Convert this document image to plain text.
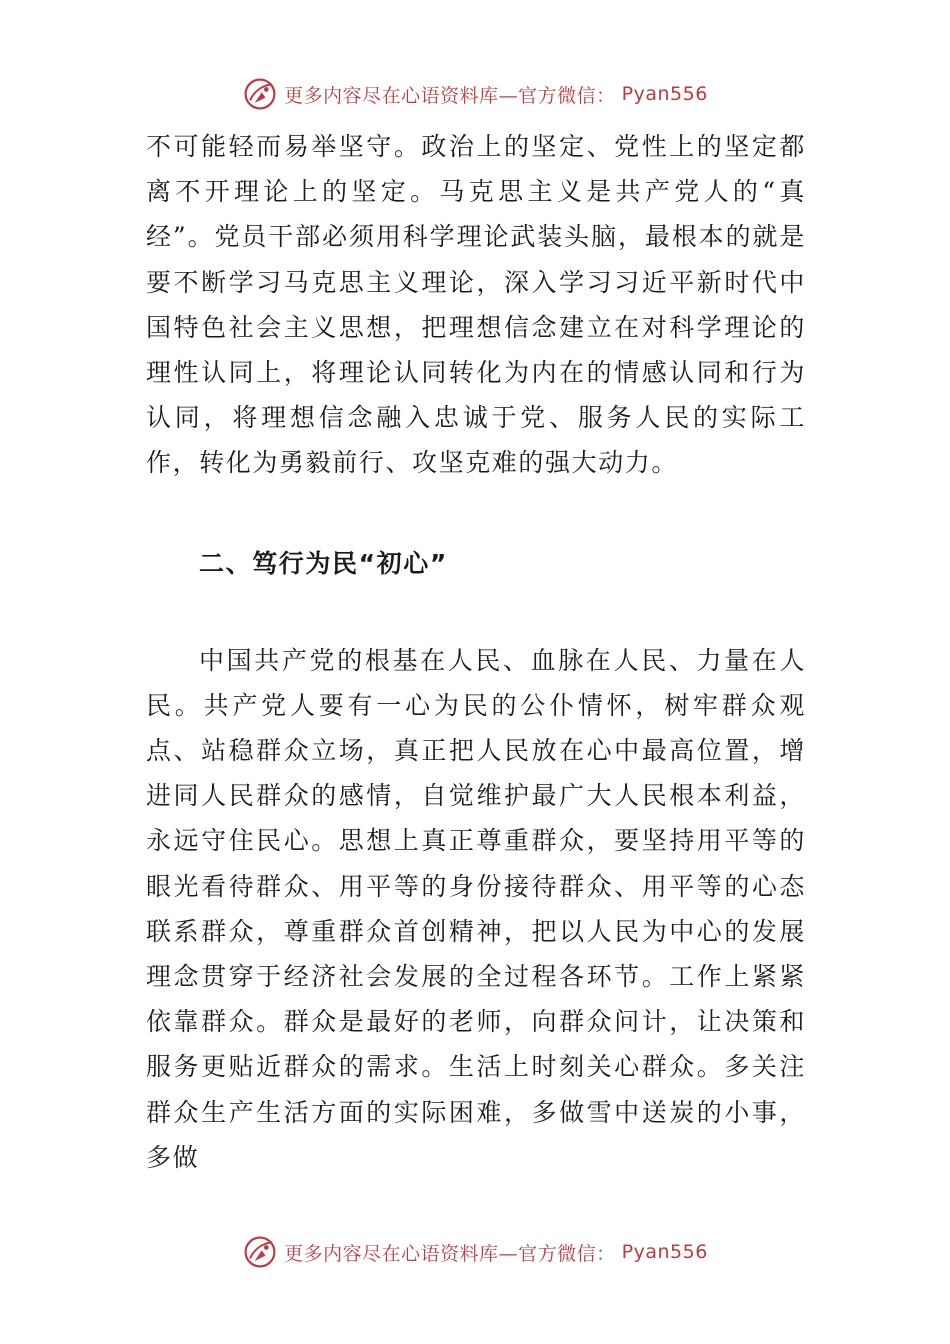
更多内容尽在心语资料库—官方微信： Pyan556

不可能轻而易举坚守。政治上的坚定、党性上的坚定都离不开理论上的坚定。马克思主义是共产党人的“真经”。党员干部必须用科学理论武装头脑，最根本的就是要不断学习马克思主义理论，深入学习习近平新时代中国特色社会主义思想，把理想信念建立在对科学理论的理性认同上，将理论认同转化为内在的情感认同和行为认同，将理想信念融入忠诚于党、服务人民的实际工作，转化为勇毅前行、攻坚克难的强大动力。

二、笃行为民“初心”

中国共产党的根基在人民、血脉在人民、力量在人民。共产党人要有一心为民的公仆情怀，树牢群众观点、站稳群众立场，真正把人民放在心中最高位置，增进同人民群众的感情，自觉维护最广大人民根本利益，永远守住民心。思想上真正尊重群众，要坚持用平等的眼光看待群众、用平等的身份接待群众、用平等的心态联系群众，尊重群众首创精神，把以人民为中心的发展理念贯穿于经济社会发展的全过程各环节。工作上紧紧依靠群众。群众是最好的老师，向群众问计，让决策和服务更贴近群众的需求。生活上时刻关心群众。多关注群众生产生活方面的实际困难，多做雪中送炭的小事，多做

更多内容尽在心语资料库—官方微信： Pyan556
